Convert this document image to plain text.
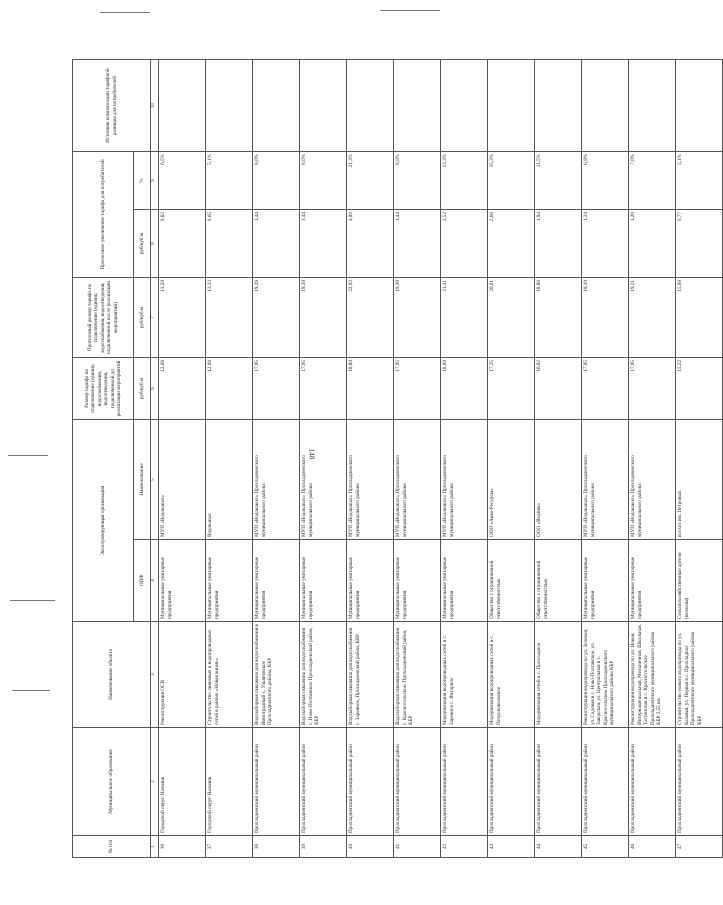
148
№ п/п	Муниципальное образование	Наименование объекта	Эксплуатирующая организация		Размер тарифа на подключение (единиц водоснабжения, водоотведения, подключенной до реализации мероприятий	Прогнозный размер тарифа на подключение (единиц водоснабжения, водоотведения, подключенной после реализации мероприятий)	Прогнозное увеличение тарифа для потребителей		Источник компенсации тарифной разницы для потребителей
			ОПФ	Наименование	руб/куб.м	руб/куб.м	руб/куб.м	%	
1	2	3	4	5	6	7	8	9	10
36	Городской округ Нальчик	Реконструкция ОСВ	Муниципальные унитарные предприятия	МУП «Водоканал»	12,68	13,50	0,82	6,5%	
37	Городской округ Нальчик	Строительство ливневых и водопроводных сетей в районе «Новая жизнь»	Муниципальные унитарные предприятия	Водоканал	12,68	13,33	0,65	5,1%	
38	Прохладненский муниципальный район	Водозаборная скважина для водоснабжения в Виноградный с. Ульяновское Прохладненского района, КБР	Муниципальные унитарные предприятия	МУП «Водоканал» Прохладненского муниципального района	17,95	19,39	1,44	8,0%	
39	Прохладненский муниципальный район	Водозаборная скважина для водоснабжения с. Ново-Полтавское Прохладненский район, КБР	Муниципальные унитарные предприятия	МУП «Водоканал» Прохладненского муниципального района	17,95	19,39	1,44	8,0%	
40	Прохладненский муниципальный район	Водозаборная скважина для водоснабжения с. Заречное, Прохладненский район, КБР	Муниципальные унитарные предприятия	МУП «Водоканал» Прохладненского муниципального района	18,80	22,92	4,00	21,3%	
41	Прохладненский муниципальный район	Водозаборная скважина для водоснабжения с. Красносельское, Прохладненский район, КБР	Муниципальные унитарные предприятия	МУП «Водоканал» Прохладненского муниципального района	17,95	19,39	1,44	8,0%	
42	Прохладненский муниципальный район	Модернизация водопроводных сетей в с. Заречное с. Янтарное	Муниципальные унитарные предприятия	МУП «Водоканал» Прохладненского муниципального района	18,89	21,41	2,52	13,3%	
43	Прохладненский муниципальный район	Модернизация водопроводных сетей в с. Петропавловское	Общество с ограниченной ответственностью	ООО «Аква-Ресурсы»	17,35	20,01	2,66	15,3%	
44	Прохладненский муниципальный район	Модернизация сетей в с. Прохладное	Общество с ограниченной ответственностью	ООО «Водник»	16,92	18,86	1,94	11,5%	
45	Прохладненский муниципальный район	Реконструкция водопровода по ул. Зеленая, ул. Садовая в с. Ново-Полтавское, ул. Заводская, ул. Центральная в с. Красносельское Прохладненского муниципального района КБР	Муниципальные унитарные предприятия	МУП «Водоканал» Прохладненского муниципального района	17,95	19,19	1,24	6,9%	
46	Прохладненский муниципальный район	Реконструкция водопровода по ул. Новая, Интернациональная, Мельничная, Школьная, Тагуанская в с. Красносельское Прохладненского муниципального района КБР 2,55 км	Муниципальные унитарные предприятия	МУП «Водоканал» Прохладненского муниципального района	17,95	19,21	1,26	7,0%	
47	Прохладненский муниципальный район	Строительство нового водопровода по ул. Казачья, ул. Первая в с. Прохладное Прохладненского муниципального района КБР	Сельскохозяйственные артели (колхозы)	колхоз им. Петровых	15,22	15,99	0,77	5,1%	
